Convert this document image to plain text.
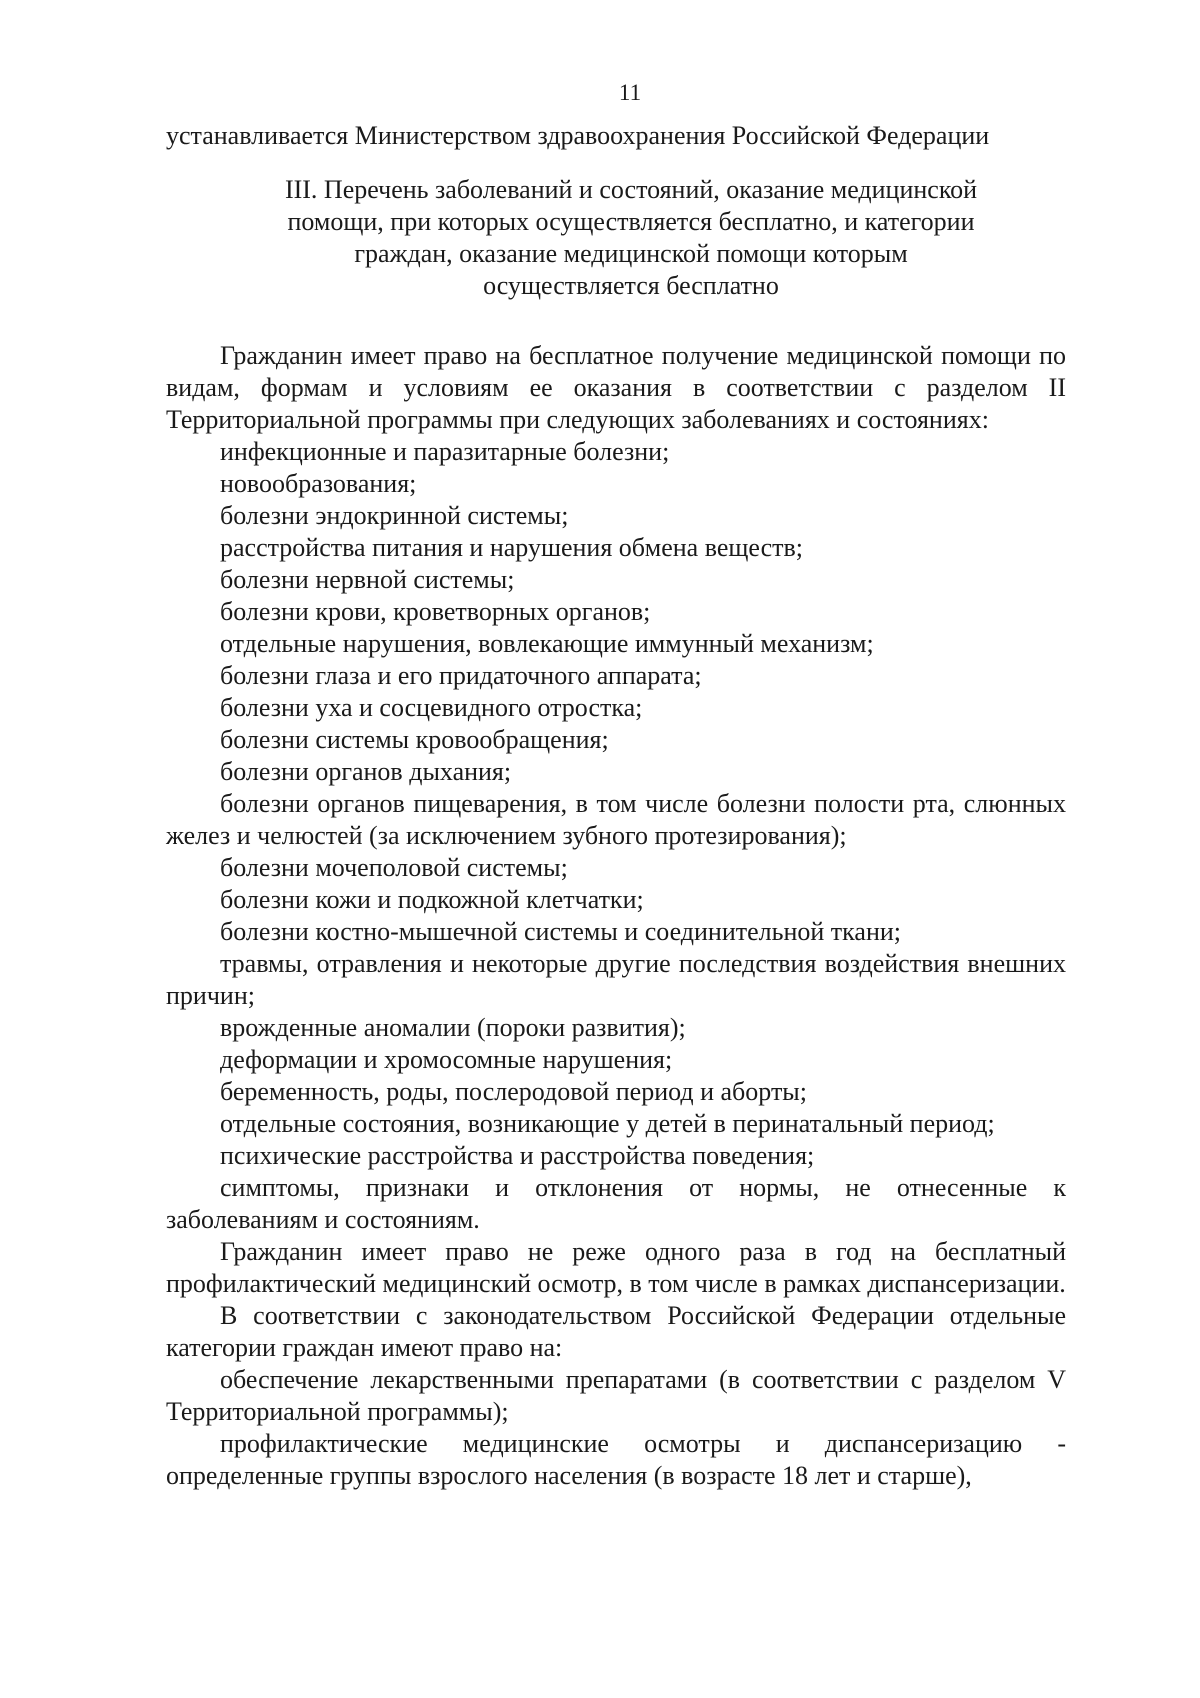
11

устанавливается Министерством здравоохранения Российской Федерации

III. Перечень заболеваний и состояний, оказание медицинской
помощи, при которых осуществляется бесплатно, и категории
граждан, оказание медицинской помощи которым
осуществляется бесплатно

Гражданин имеет право на бесплатное получение медицинской помощи по видам, формам и условиям ее оказания в соответствии с разделом II Территориальной программы при следующих заболеваниях и состояниях:

инфекционные и паразитарные болезни;

новообразования;

болезни эндокринной системы;

расстройства питания и нарушения обмена веществ;

болезни нервной системы;

болезни крови, кроветворных органов;

отдельные нарушения, вовлекающие иммунный механизм;

болезни глаза и его придаточного аппарата;

болезни уха и сосцевидного отростка;

болезни системы кровообращения;

болезни органов дыхания;

болезни органов пищеварения, в том числе болезни полости рта, слюнных желез и челюстей (за исключением зубного протезирования);

болезни мочеполовой системы;

болезни кожи и подкожной клетчатки;

болезни костно-мышечной системы и соединительной ткани;

травмы, отравления и некоторые другие последствия воздействия внешних причин;

врожденные аномалии (пороки развития);

деформации и хромосомные нарушения;

беременность, роды, послеродовой период и аборты;

отдельные состояния, возникающие у детей в перинатальный период;

психические расстройства и расстройства поведения;

симптомы, признаки и отклонения от нормы, не отнесенные к заболеваниям и состояниям.

Гражданин имеет право не реже одного раза в год на бесплатный профилактический медицинский осмотр, в том числе в рамках диспансеризации.

В соответствии с законодательством Российской Федерации отдельные категории граждан имеют право на:

обеспечение лекарственными препаратами (в соответствии с разделом V Территориальной программы);

профилактические медицинские осмотры и диспансеризацию - определенные группы взрослого населения (в возрасте 18 лет и старше),
